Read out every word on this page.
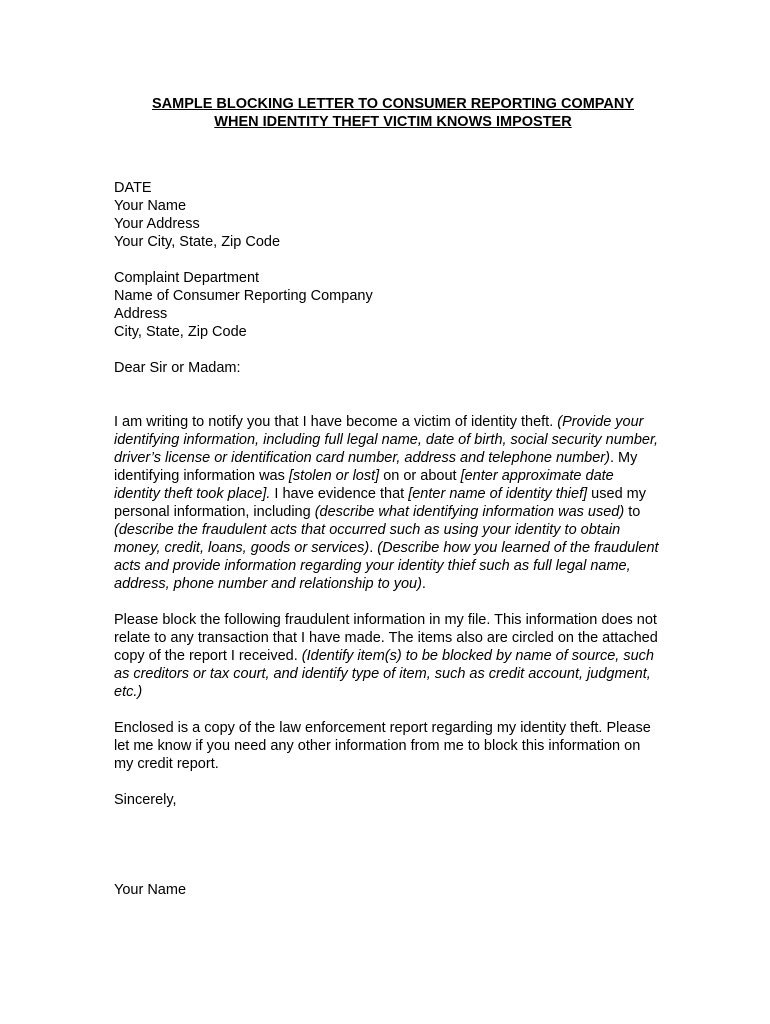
SAMPLE BLOCKING LETTER TO CONSUMER REPORTING COMPANY
WHEN IDENTITY THEFT VICTIM KNOWS IMPOSTER
DATE
Your Name
Your Address
Your City, State, Zip Code
Complaint Department
Name of Consumer Reporting Company
Address
City, State, Zip Code
Dear Sir or Madam:
I am writing to notify you that I have become a victim of identity theft. (Provide your identifying information, including full legal name, date of birth, social security number, driver’s license or identification card number, address and telephone number). My identifying information was [stolen or lost] on or about [enter approximate date identity theft took place]. I have evidence that [enter name of identity thief] used my personal information, including (describe what identifying information was used) to (describe the fraudulent acts that occurred such as using your identity to obtain money, credit, loans, goods or services). (Describe how you learned of the fraudulent acts and provide information regarding your identity thief such as full legal name, address, phone number and relationship to you).
Please block the following fraudulent information in my file. This information does not relate to any transaction that I have made. The items also are circled on the attached copy of the report I received. (Identify item(s) to be blocked by name of source, such as creditors or tax court, and identify type of item, such as credit account, judgment, etc.)
Enclosed is a copy of the law enforcement report regarding my identity theft. Please let me know if you need any other information from me to block this information on my credit report.
Sincerely,
Your Name
